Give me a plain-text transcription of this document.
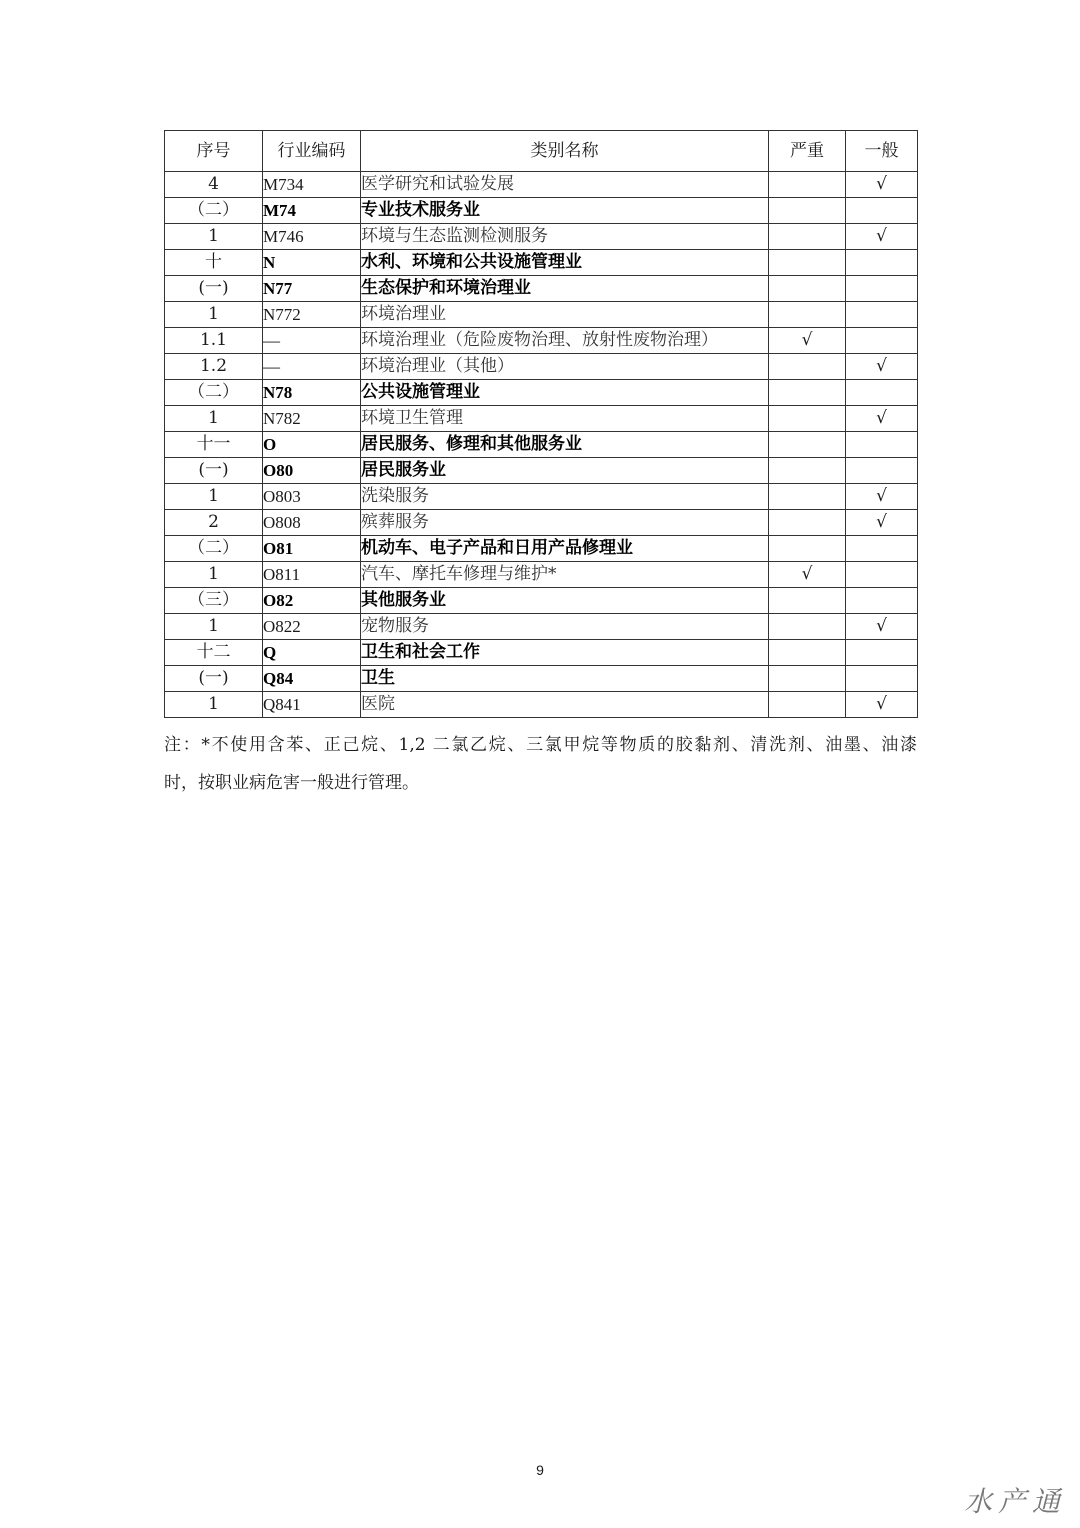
序号	行业编码	类别名称	严重	一般
4	M734	医学研究和试验发展		√
（二）	M74	专业技术服务业		
1	M746	环境与生态监测检测服务		√
十	N	水利、环境和公共设施管理业		
(一)	N77	生态保护和环境治理业		
1	N772	环境治理业		
1.1	—	环境治理业（危险废物治理、放射性废物治理）	√	
1.2	—	环境治理业（其他）		√
（二）	N78	公共设施管理业		
1	N782	环境卫生管理		√
十一	O	居民服务、修理和其他服务业		
(一)	O80	居民服务业		
1	O803	洗染服务		√
2	O808	殡葬服务		√
（二）	O81	机动车、电子产品和日用产品修理业		
1	O811	汽车、摩托车修理与维护*	√	
（三）	O82	其他服务业		
1	O822	宠物服务		√
十二	Q	卫生和社会工作		
(一)	Q84	卫生		
1	Q841	医院		√
注：*不使用含苯、正己烷、1,2 二氯乙烷、三氯甲烷等物质的胶黏剂、清洗剂、油墨、油漆
时，按职业病危害一般进行管理。
9
水产通
